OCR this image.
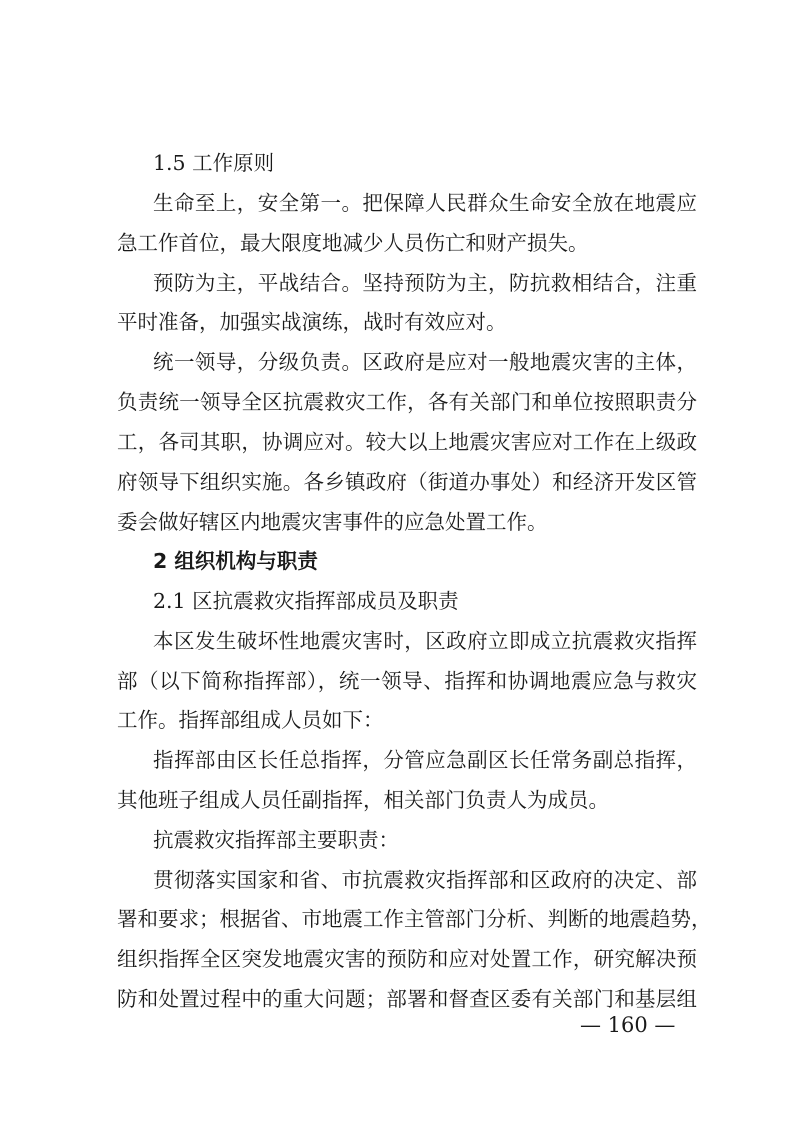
1.5 工作原则
生命至上，安全第一。把保障人民群众生命安全放在地震应
急工作首位，最大限度地减少人员伤亡和财产损失。
预防为主，平战结合。坚持预防为主，防抗救相结合，注重
平时准备，加强实战演练，战时有效应对。
统一领导，分级负责。区政府是应对一般地震灾害的主体，
负责统一领导全区抗震救灾工作，各有关部门和单位按照职责分
工，各司其职，协调应对。较大以上地震灾害应对工作在上级政
府领导下组织实施。各乡镇政府（街道办事处）和经济开发区管
委会做好辖区内地震灾害事件的应急处置工作。
2 组织机构与职责
2.1 区抗震救灾指挥部成员及职责
本区发生破坏性地震灾害时，区政府立即成立抗震救灾指挥
部（以下简称指挥部），统一领导、指挥和协调地震应急与救灾
工作。指挥部组成人员如下：
指挥部由区长任总指挥，分管应急副区长任常务副总指挥，
其他班子组成人员任副指挥，相关部门负责人为成员。
抗震救灾指挥部主要职责：
贯彻落实国家和省、市抗震救灾指挥部和区政府的决定、部
署和要求；根据省、市地震工作主管部门分析、判断的地震趋势，
组织指挥全区突发地震灾害的预防和应对处置工作，研究解决预
防和处置过程中的重大问题；部署和督查区委有关部门和基层组
— 160 —
